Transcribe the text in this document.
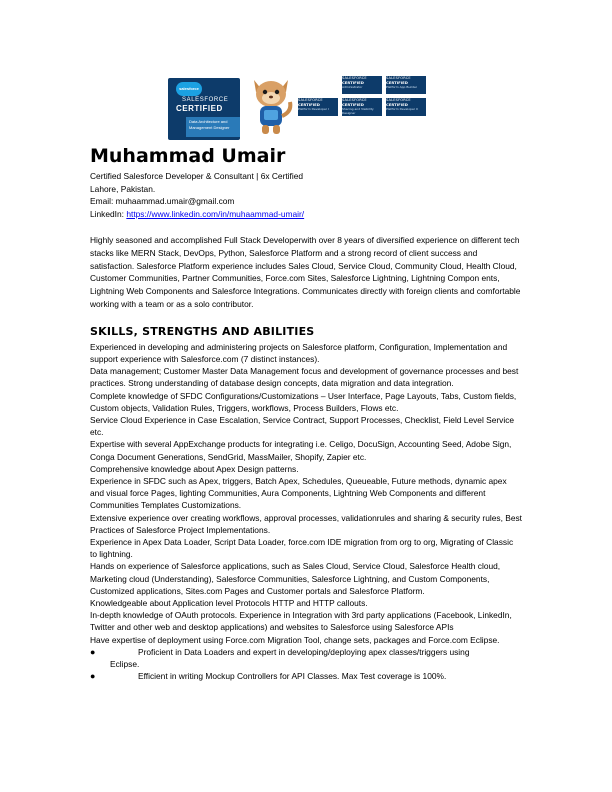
salesforce
SALESFORCE
CERTIFIED
Data Architecture and Management Designer
SALESFORCE
CERTIFIED
Platform Developer I
SALESFORCE
CERTIFIED
Administrator
SALESFORCE
CERTIFIED
Platform App Builder
SALESFORCE
CERTIFIED
Sharing and Visibility Designer
SALESFORCE
CERTIFIED
Platform Developer II
Muhammad Umair
Certified Salesforce Developer & Consultant | 6x Certified
Lahore, Pakistan.
Email: muhaammad.umair@gmail.com
LinkedIn: https://www.linkedin.com/in/muhaammad-umair/
Highly seasoned and accomplished Full Stack Developerwith over 8 years of diversified experience on different tech stacks like MERN Stack, DevOps, Python, Salesforce Platform and a strong record of client success and satisfaction. Salesforce Platform experience includes Sales Cloud, Service Cloud, Community Cloud, Health Cloud, Customer Communities, Partner Communities, Force.com Sites, Salesforce Lightning, Lightning Compon ents, Lightning Web Components and Salesforce Integrations. Communicates directly with foreign clients and comfortable working with a team or as a solo contributor.
SKILLS, STRENGTHS AND ABILITIES

Experienced in developing and administering projects on Salesforce platform, Configuration, Implementation and support experience with Salesforce.com (7 distinct instances).

Data management; Customer Master Data Management focus and development of governance processes and best practices. Strong understanding of database design concepts, data migration and data integration.

Complete knowledge of SFDC Configurations/Customizations – User Interface, Page Layouts, Tabs, Custom fields, Custom objects, Validation Rules, Triggers, workflows, Process Builders, Flows etc.

Service Cloud Experience in Case Escalation, Service Contract, Support Processes, Checklist, Field Level Service etc.

Expertise with several AppExchange products for integrating i.e. Celigo, DocuSign, Accounting Seed, Adobe Sign, Conga Document Generations, SendGrid, MassMailer, Shopify, Zapier etc.

Comprehensive knowledge about Apex Design patterns.

Experience in SFDC such as Apex, triggers, Batch Apex, Schedules, Queueable, Future methods, dynamic apex and visual force Pages, lighting Communities, Aura Components, Lightning Web Components and different Communities Templates Customizations.

Extensive experience over creating workflows, approval processes, validationrules and sharing & security rules, Best Practices of Salesforce Project Implementations.

Experience in Apex Data Loader, Script Data Loader, force.com IDE migration from org to org, Migrating of Classic to lightning.

Hands on experience of Salesforce applications, such as Sales Cloud, Service Cloud, Salesforce Health cloud, Marketing cloud (Understanding), Salesforce Communities, Salesforce Lightning, and Custom Components, Customized applications, Sites.com Pages and Customer portals and Salesforce Platform.

Knowledgeable about Application level Protocols HTTP and HTTP callouts.

In-depth knowledge of OAuth protocols. Experience in Integration with 3rd party applications (Facebook, LinkedIn, Twitter and other web and desktop applications) and websites to Salesforce using Salesforce APIs

Have expertise of deployment using Force.com Migration Tool, change sets, packages and Force.com Eclipse.

●	Proficient in Data Loaders and expert in developing/deploying apex classes/triggers using
Eclipse.
●	Efficient in writing Mockup Controllers for API Classes. Max Test coverage is 100%.
